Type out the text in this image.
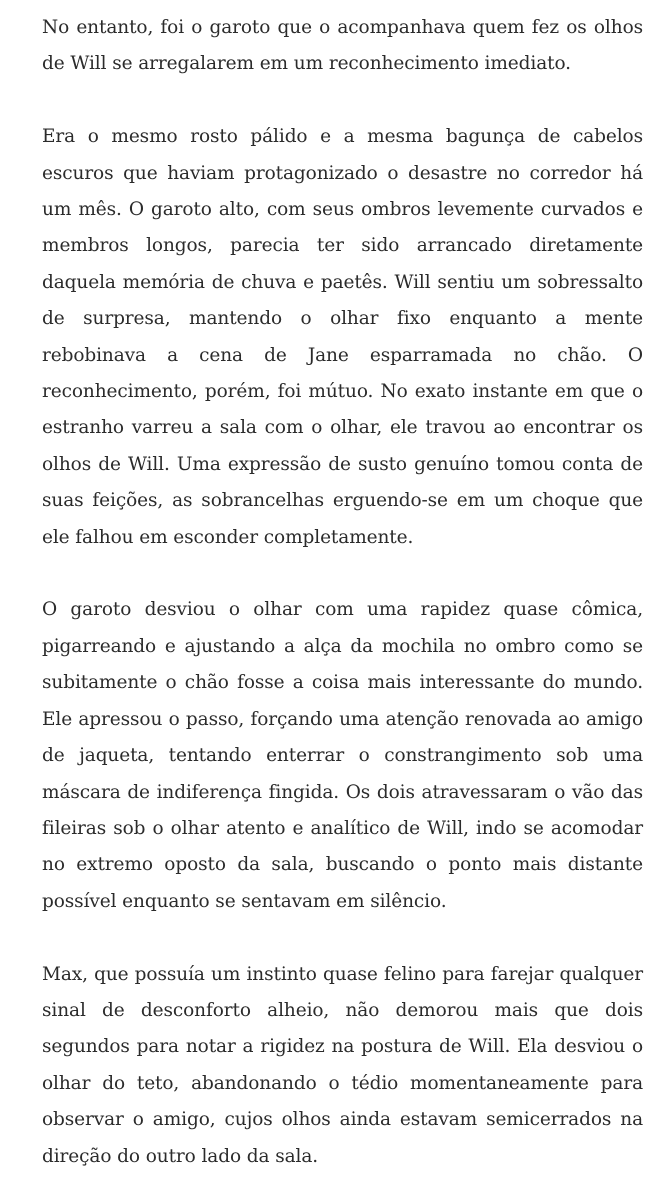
No entanto, foi o garoto que o acompanhava quem fez os olhos de Will se arregalarem em um reconhecimento imediato.

Era o mesmo rosto pálido e a mesma bagunça de cabelos escuros que haviam protagonizado o desastre no corredor há um mês. O garoto alto, com seus ombros levemente curvados e membros longos, parecia ter sido arrancado diretamente daquela memória de chuva e paetês. Will sentiu um sobressalto de surpresa, mantendo o olhar fixo enquanto a mente rebobinava a cena de Jane esparramada no chão. O reconhecimento, porém, foi mútuo. No exato instante em que o estranho varreu a sala com o olhar, ele travou ao encontrar os olhos de Will. Uma expressão de susto genuíno tomou conta de suas feições, as sobrancelhas erguendo-se em um choque que ele falhou em esconder completamente.

O garoto desviou o olhar com uma rapidez quase cômica, pigarreando e ajustando a alça da mochila no ombro como se subitamente o chão fosse a coisa mais interessante do mundo. Ele apressou o passo, forçando uma atenção renovada ao amigo de jaqueta, tentando enterrar o constrangimento sob uma máscara de indiferença fingida. Os dois atravessaram o vão das fileiras sob o olhar atento e analítico de Will, indo se acomodar no extremo oposto da sala, buscando o ponto mais distante possível enquanto se sentavam em silêncio.

Max, que possuía um instinto quase felino para farejar qualquer sinal de desconforto alheio, não demorou mais que dois segundos para notar a rigidez na postura de Will. Ela desviou o olhar do teto, abandonando o tédio momentaneamente para observar o amigo, cujos olhos ainda estavam semicerrados na direção do outro lado da sala.
